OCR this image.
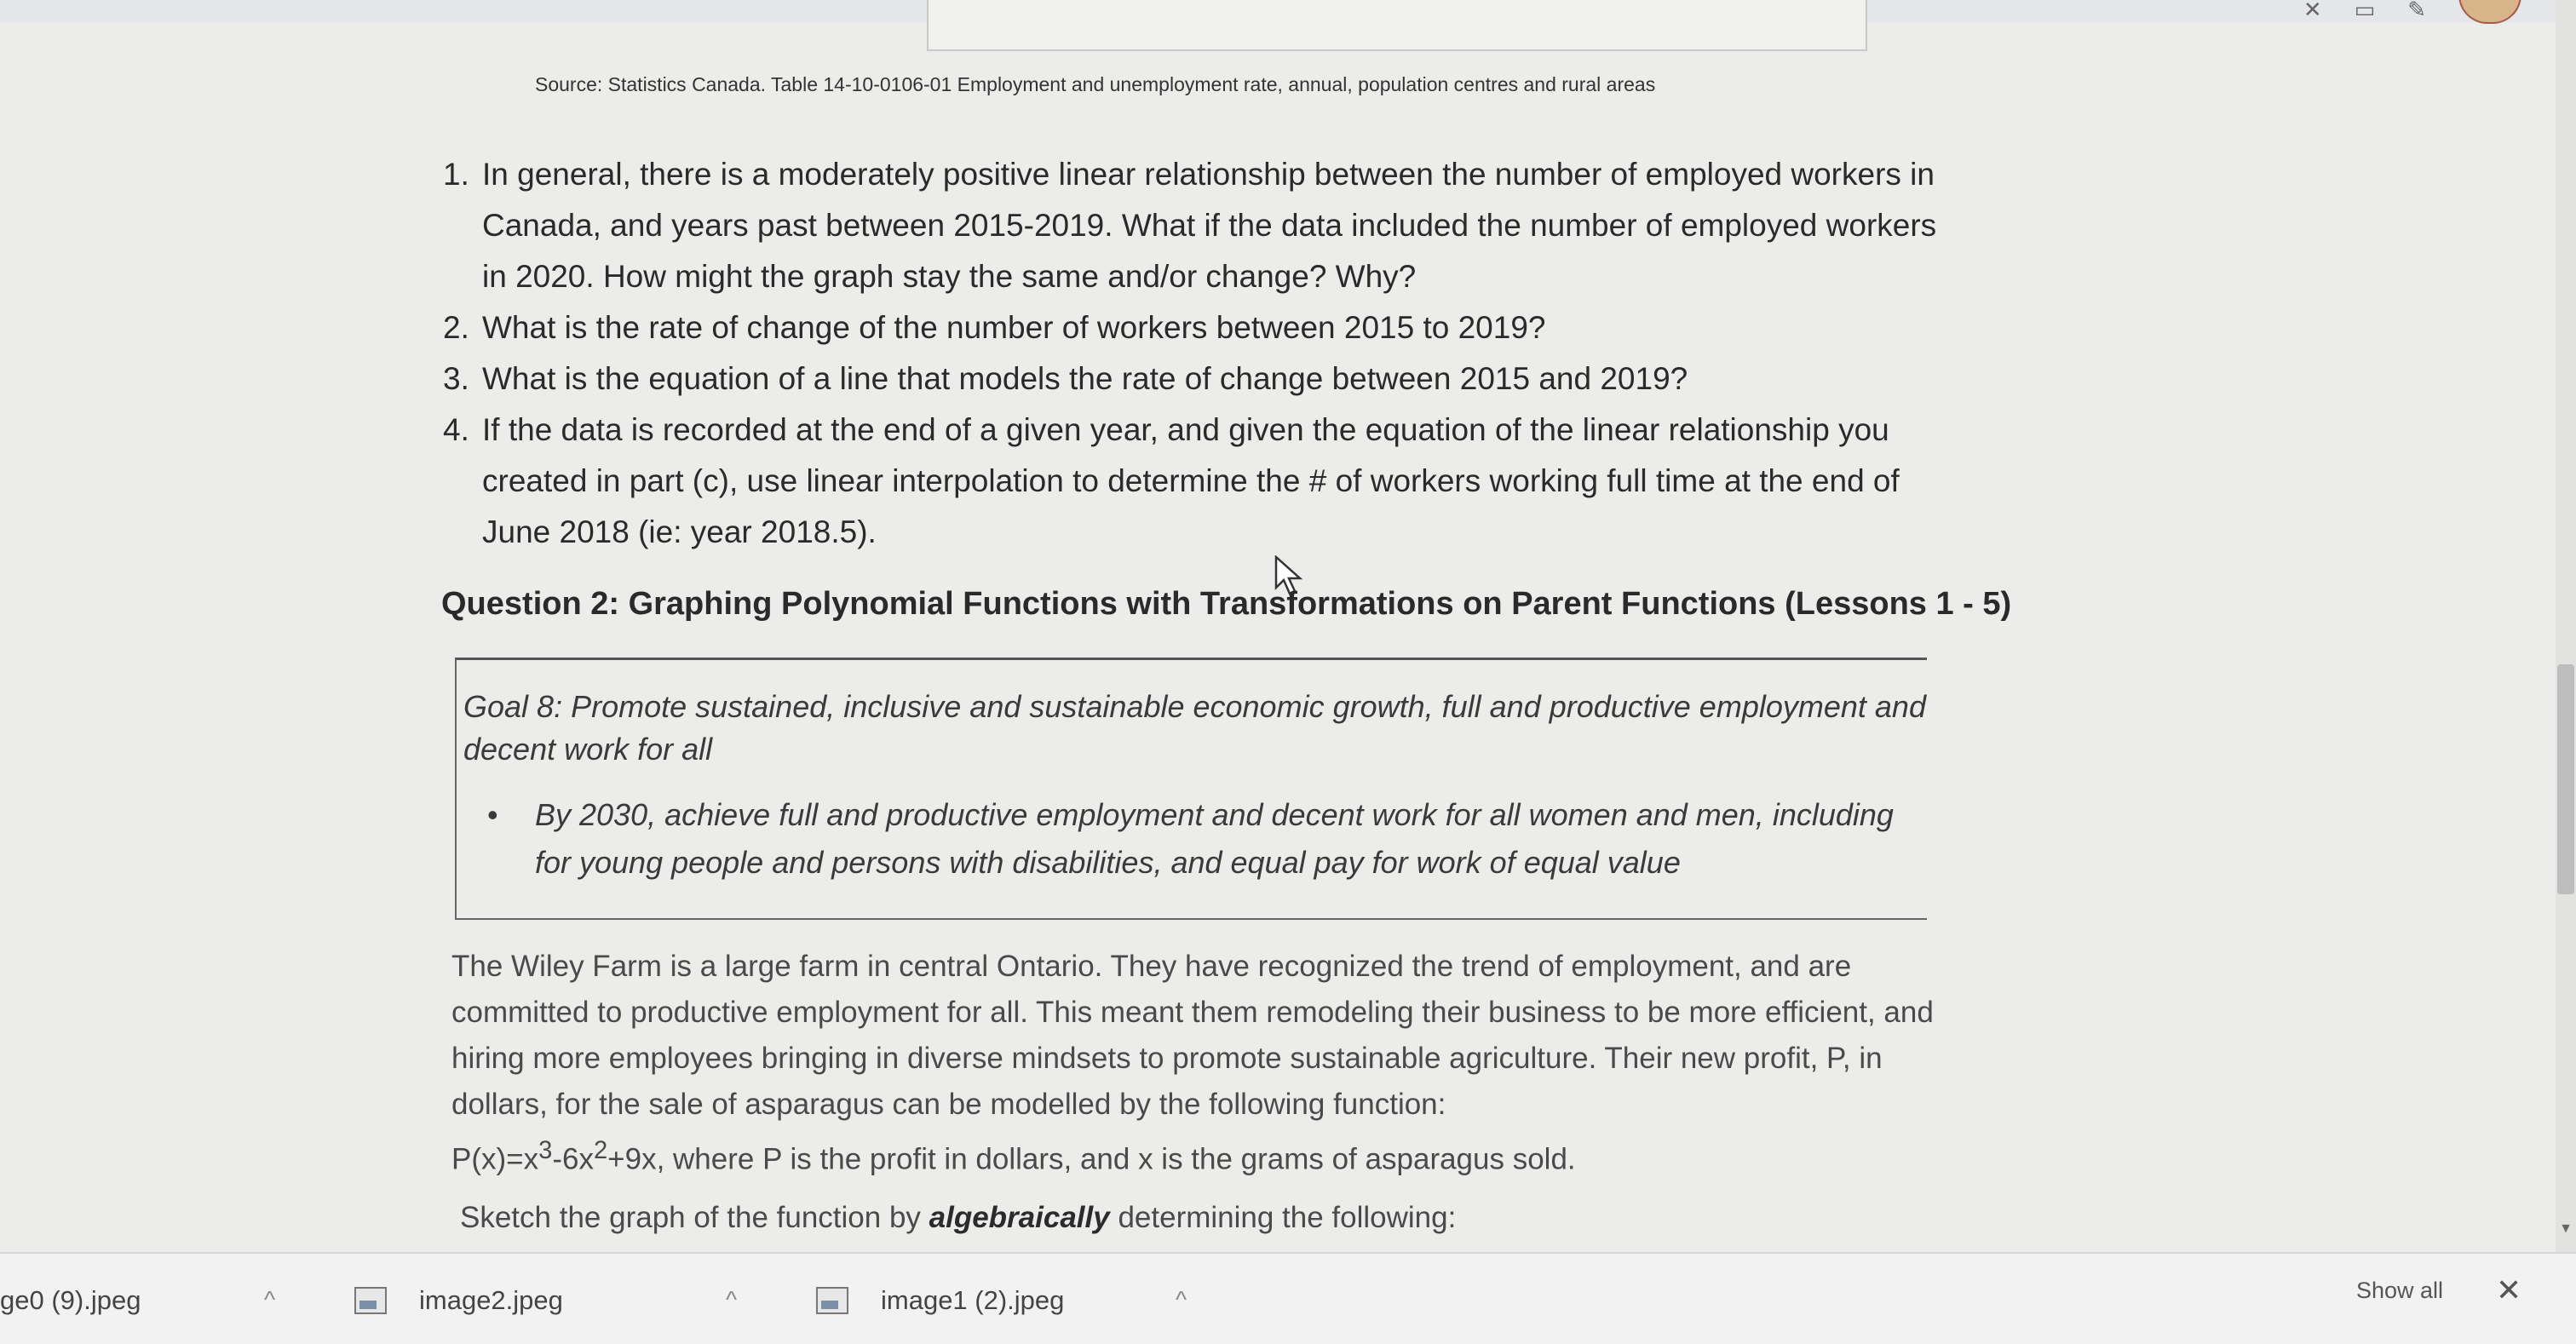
✕ ▭ ✎
Source: Statistics Canada. Table 14-10-0106-01 Employment and unemployment rate, annual, population centres and rural areas
1. In general, there is a moderately positive linear relationship between the number of employed workers in Canada, and years past between 2015-2019. What if the data included the number of employed workers in 2020. How might the graph stay the same and/or change? Why?
2. What is the rate of change of the number of workers between 2015 to 2019?
3. What is the equation of a line that models the rate of change between 2015 and 2019?
4. If the data is recorded at the end of a given year, and given the equation of the linear relationship you created in part (c), use linear interpolation to determine the # of workers working full time at the end of June 2018 (ie: year 2018.5).
Question 2: Graphing Polynomial Functions with Transformations on Parent Functions (Lessons 1 - 5)
Goal 8: Promote sustained, inclusive and sustainable economic growth, full and productive employment and decent work for all
•	By 2030, achieve full and productive employment and decent work for all women and men, including for young people and persons with disabilities, and equal pay for work of equal value
The Wiley Farm is a large farm in central Ontario. They have recognized the trend of employment, and are committed to productive employment for all. This meant them remodeling their business to be more efficient, and hiring more employees bringing in diverse mindsets to promote sustainable agriculture. Their new profit, P, in dollars, for the sale of asparagus can be modelled by the following function:
$P(x)=x^3-6x^2+9x$, where P is the profit in dollars, and x is the grams of asparagus sold.
Sketch the graph of the function by algebraically determining the following:	▼
ge0 (9).jpeg	^	image2.jpeg	^	image1 (2).jpeg	^	Show all ✕
